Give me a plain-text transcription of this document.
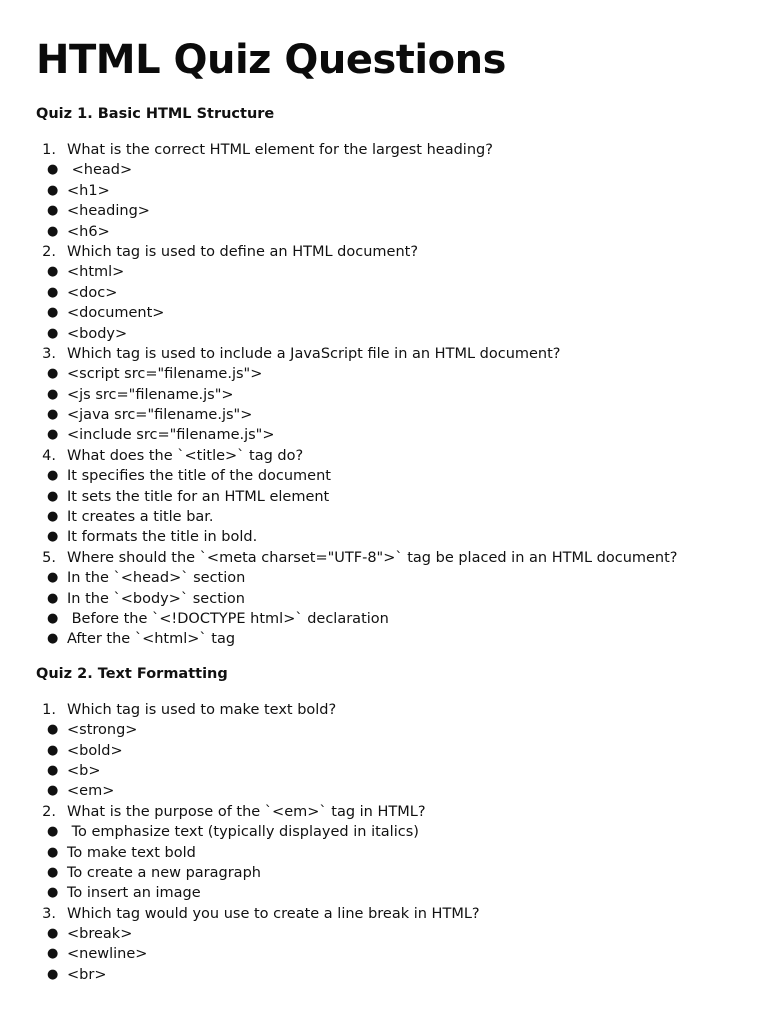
HTML Quiz Questions
Quiz 1. Basic HTML Structure
1. What is the correct HTML element for the largest heading?
● <head>
● <h1>
● <heading>
● <h6>
2. Which tag is used to define an HTML document?
● <html>
● <doc>
● <document>
● <body>
3. Which tag is used to include a JavaScript file in an HTML document?
● <script src="filename.js">
● <js src="filename.js">
● <java src="filename.js">
● <include src="filename.js">
4. What does the `<title>` tag do?
● It specifies the title of the document
● It sets the title for an HTML element
● It creates a title bar.
● It formats the title in bold.
5. Where should the `<meta charset="UTF-8">` tag be placed in an HTML document?
● In the `<head>` section
● In the `<body>` section
● Before the `<!DOCTYPE html>` declaration
● After the `<html>` tag
Quiz 2. Text Formatting
1. Which tag is used to make text bold?
● <strong>
● <bold>
● <b>
● <em>
2. What is the purpose of the `<em>` tag in HTML?
● To emphasize text (typically displayed in italics)
● To make text bold
● To create a new paragraph
● To insert an image
3. Which tag would you use to create a line break in HTML?
● <break>
● <newline>
● <br>
